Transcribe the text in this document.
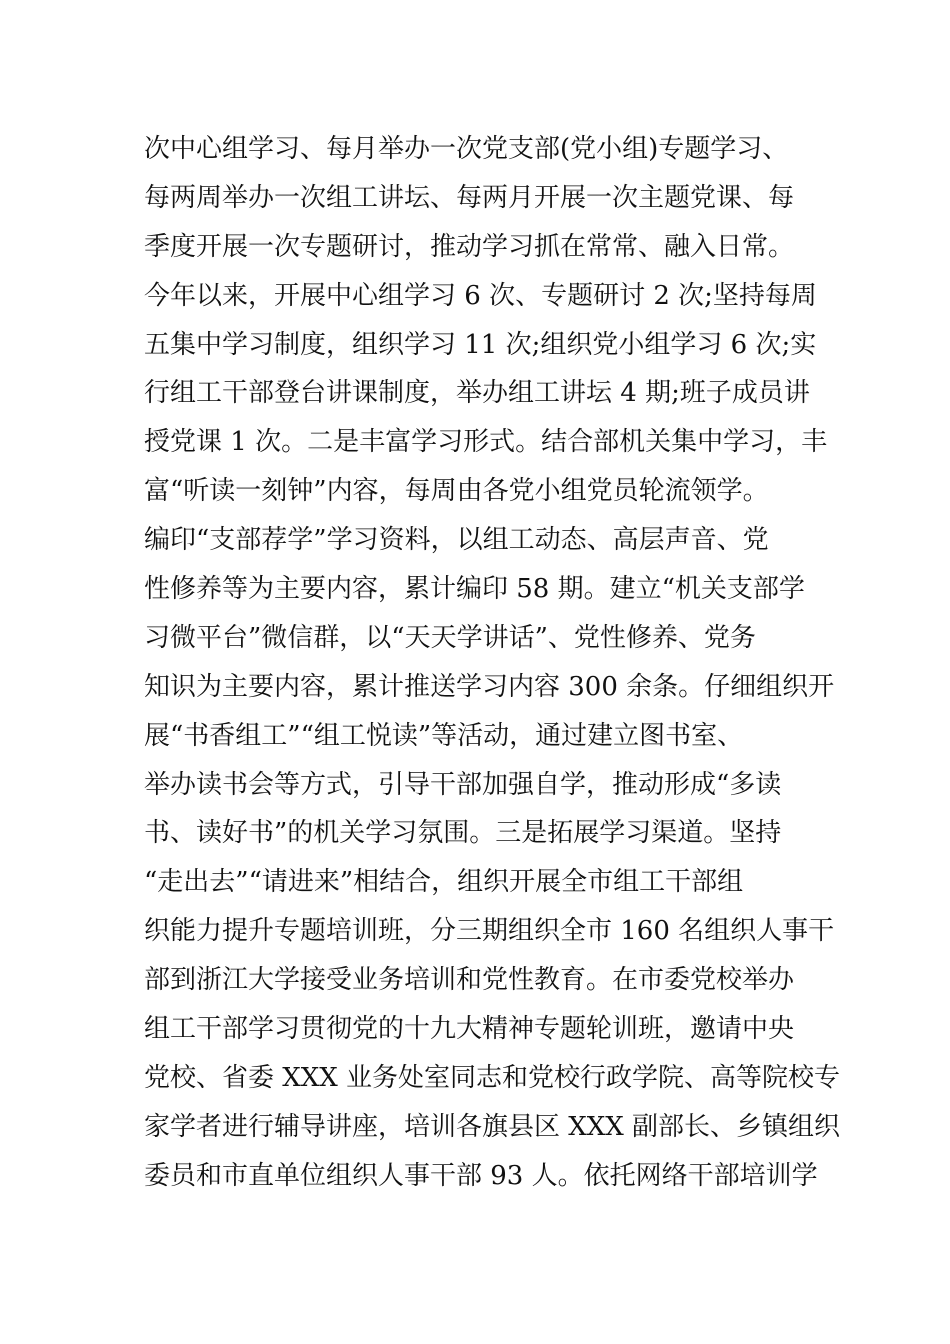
次中心组学习、每月举办一次党支部(党小组)专题学习、
每两周举办一次组工讲坛、每两月开展一次主题党课、每
季度开展一次专题研讨，推动学习抓在常常、融入日常。
今年以来，开展中心组学习 6 次、专题研讨 2 次;坚持每周
五集中学习制度，组织学习 11 次;组织党小组学习 6 次;实
行组工干部登台讲课制度，举办组工讲坛 4 期;班子成员讲
授党课 1 次。二是丰富学习形式。结合部机关集中学习，丰
富“听读一刻钟”内容，每周由各党小组党员轮流领学。
编印“支部荐学”学习资料，以组工动态、高层声音、党
性修养等为主要内容，累计编印 58 期。建立“机关支部学
习微平台”微信群，以“天天学讲话”、党性修养、党务
知识为主要内容，累计推送学习内容 300 余条。仔细组织开
展“书香组工”“组工悦读”等活动，通过建立图书室、
举办读书会等方式，引导干部加强自学，推动形成“多读
书、读好书”的机关学习氛围。三是拓展学习渠道。坚持
“走出去”“请进来”相结合，组织开展全市组工干部组
织能力提升专题培训班，分三期组织全市 160 名组织人事干
部到浙江大学接受业务培训和党性教育。在市委党校举办
组工干部学习贯彻党的十九大精神专题轮训班，邀请中央
党校、省委 XXX 业务处室同志和党校行政学院、高等院校专
家学者进行辅导讲座，培训各旗县区 XXX 副部长、乡镇组织
委员和市直单位组织人事干部 93 人。依托网络干部培训学
